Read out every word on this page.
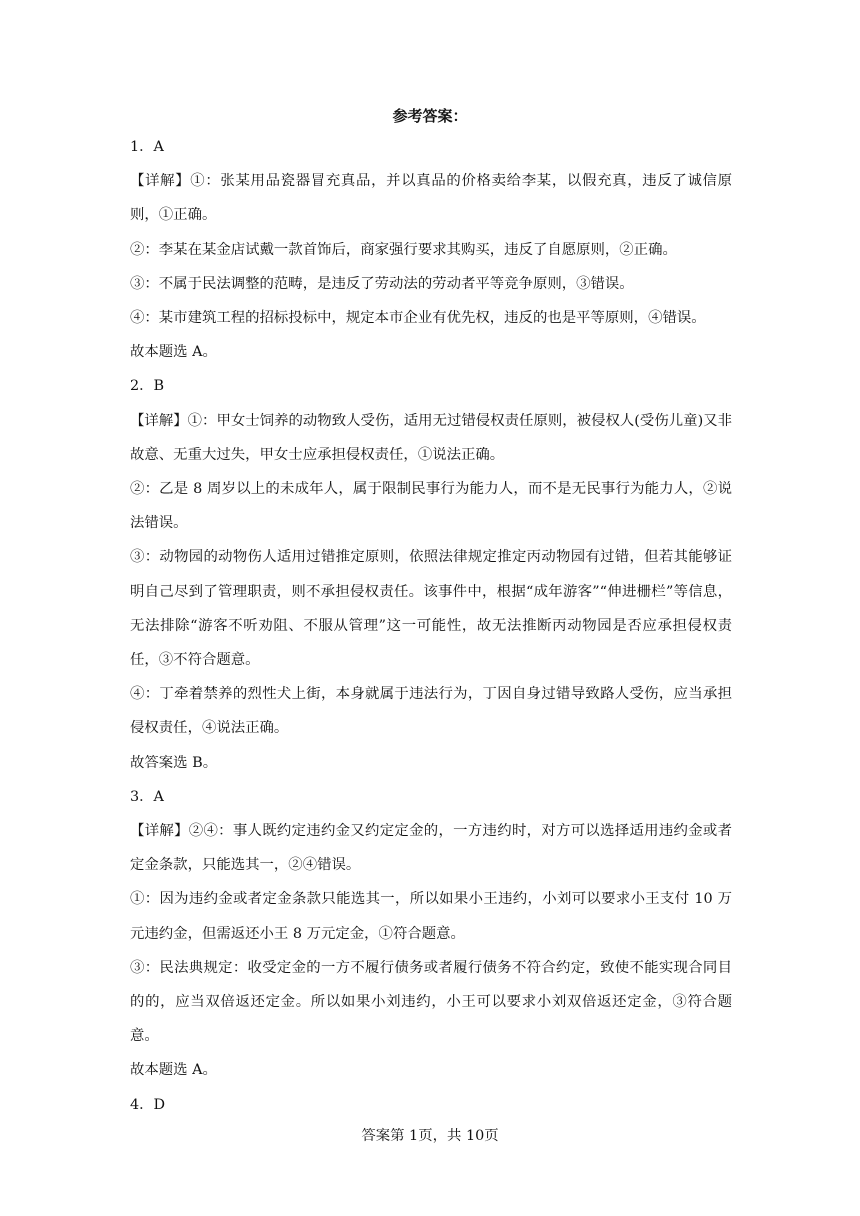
参考答案：

1．A

【详解】①：张某用品瓷器冒充真品，并以真品的价格卖给李某，以假充真，违反了诚信原则，①正确。

②：李某在某金店试戴一款首饰后，商家强行要求其购买，违反了自愿原则，②正确。

③：不属于民法调整的范畴，是违反了劳动法的劳动者平等竞争原则，③错误。

④：某市建筑工程的招标投标中，规定本市企业有优先权，违反的也是平等原则，④错误。

故本题选 A。

2．B

【详解】①：甲女士饲养的动物致人受伤，适用无过错侵权责任原则，被侵权人(受伤儿童)又非故意、无重大过失，甲女士应承担侵权责任，①说法正确。

②：乙是 8 周岁以上的未成年人，属于限制民事行为能力人，而不是无民事行为能力人，②说法错误。

③：动物园的动物伤人适用过错推定原则，依照法律规定推定丙动物园有过错，但若其能够证明自己尽到了管理职责，则不承担侵权责任。该事件中，根据“成年游客”“伸进栅栏”等信息，无法排除“游客不听劝阻、不服从管理”这一可能性，故无法推断丙动物园是否应承担侵权责任，③不符合题意。

④：丁牵着禁养的烈性犬上街，本身就属于违法行为，丁因自身过错导致路人受伤，应当承担侵权责任，④说法正确。

故答案选 B。

3．A

【详解】②④：事人既约定违约金又约定定金的，一方违约时，对方可以选择适用违约金或者定金条款，只能选其一，②④错误。

①：因为违约金或者定金条款只能选其一，所以如果小王违约，小刘可以要求小王支付 10 万元违约金，但需返还小王 8 万元定金，①符合题意。

③：民法典规定：收受定金的一方不履行债务或者履行债务不符合约定，致使不能实现合同目的的，应当双倍返还定金。所以如果小刘违约，小王可以要求小刘双倍返还定金，③符合题意。

故本题选 A。

4．D

答案第 1页，共 10页
